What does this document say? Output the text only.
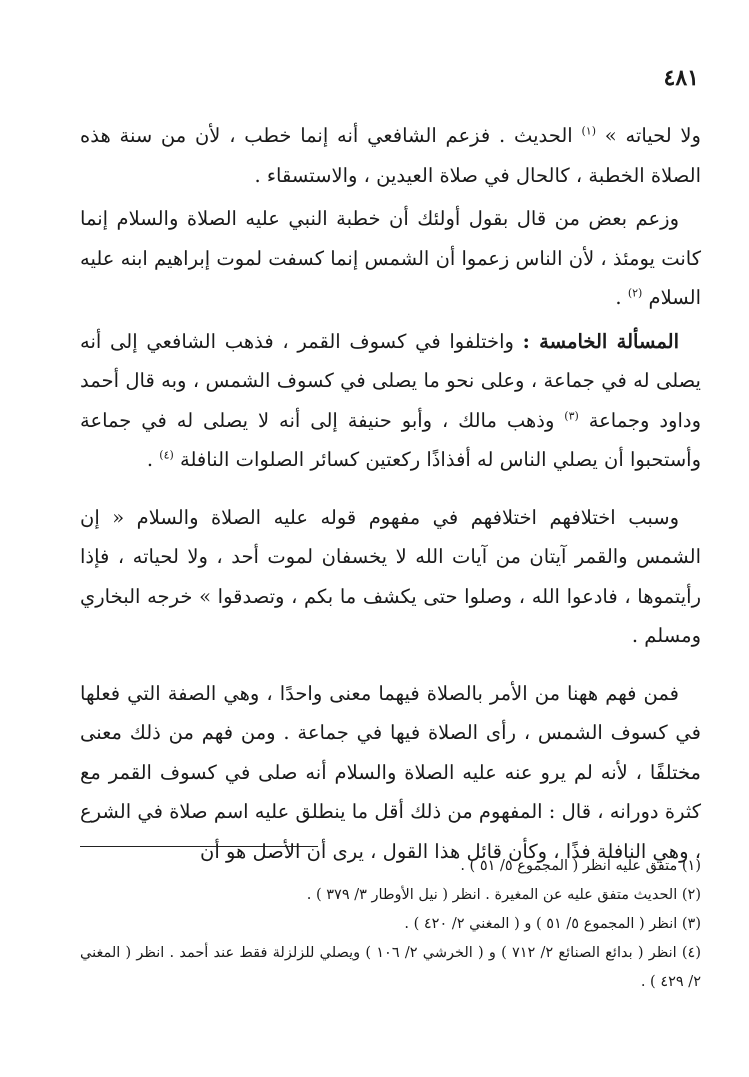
٤٨١

ولا لحياته » $^{(١)}$ الحديث . فزعم الشافعي أنه إنما خطب ، لأن من سنة هذه الصلاة الخطبة ، كالحال في صلاة العيدين ، والاستسقاء .

وزعم بعض من قال بقول أولئك أن خطبة النبي عليه الصلاة والسلام إنما كانت يومئذ ، لأن الناس زعموا أن الشمس إنما كسفت لموت إبراهيم ابنه عليه السلام $^{(٢)}$ .

المسألة الخامسة : واختلفوا في كسوف القمر ، فذهب الشافعي إلى أنه يصلى له في جماعة ، وعلى نحو ما يصلى في كسوف الشمس ، وبه قال أحمد وداود وجماعة $^{(٣)}$ وذهب مالك ، وأبو حنيفة إلى أنه لا يصلى له في جماعة وأستحبوا أن يصلي الناس له أفذاذًا ركعتين كسائر الصلوات النافلة $^{(٤)}$ .

وسبب اختلافهم اختلافهم في مفهوم قوله عليه الصلاة والسلام « إن الشمس والقمر آيتان من آيات الله لا يخسفان لموت أحد ، ولا لحياته ، فإذا رأيتموها ، فادعوا الله ، وصلوا حتى يكشف ما بكم ، وتصدقوا » خرجه البخاري ومسلم .

فمن فهم ههنا من الأمر بالصلاة فيهما معنى واحدًا ، وهي الصفة التي فعلها في كسوف الشمس ، رأى الصلاة فيها في جماعة . ومن فهم من ذلك معنى مختلفًا ، لأنه لم يرو عنه عليه الصلاة والسلام أنه صلى في كسوف القمر مع كثرة دورانه ، قال : المفهوم من ذلك أقل ما ينطلق عليه اسم صلاة في الشرع ، وهي النافلة فذًا ، وكأن قائل هذا القول ، يرى أن الأصل هو أن

(١) متفق عليه انظر ( المجموع ٥/ ٥١ ) .

(٢) الحديث متفق عليه عن المغيرة . انظر ( نيل الأوطار ٣/ ٣٧٩ ) .

(٣) انظر ( المجموع ٥/ ٥١ ) و ( المغني ٢/ ٤٢٠ ) .

(٤) انظر ( بدائع الصنائع ٢/ ٧١٢ ) و ( الخرشي ٢/ ١٠٦ ) ويصلي للزلزلة فقط عند أحمد . انظر ( المغني ٢/ ٤٢٩ ) .
